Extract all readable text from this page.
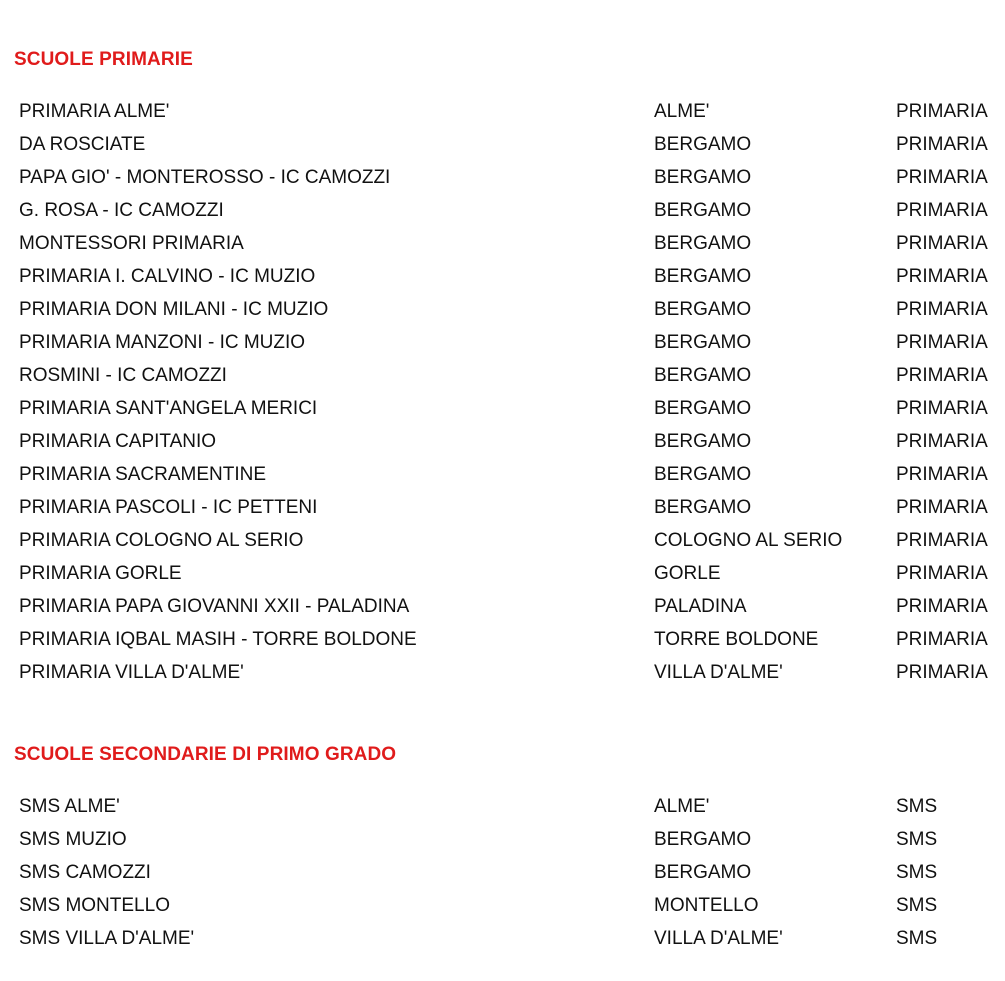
SCUOLE PRIMARIE
PRIMARIA ALME'	ALME'	PRIMARIA
DA ROSCIATE	BERGAMO	PRIMARIA
PAPA GIO' - MONTEROSSO - IC CAMOZZI	BERGAMO	PRIMARIA
G. ROSA - IC CAMOZZI	BERGAMO	PRIMARIA
MONTESSORI PRIMARIA	BERGAMO	PRIMARIA
PRIMARIA I. CALVINO - IC MUZIO	BERGAMO	PRIMARIA
PRIMARIA DON MILANI - IC MUZIO	BERGAMO	PRIMARIA
PRIMARIA MANZONI - IC MUZIO	BERGAMO	PRIMARIA
ROSMINI - IC CAMOZZI	BERGAMO	PRIMARIA
PRIMARIA SANT'ANGELA MERICI	BERGAMO	PRIMARIA
PRIMARIA CAPITANIO	BERGAMO	PRIMARIA
PRIMARIA SACRAMENTINE	BERGAMO	PRIMARIA
PRIMARIA PASCOLI - IC PETTENI	BERGAMO	PRIMARIA
PRIMARIA COLOGNO AL SERIO	COLOGNO AL SERIO	PRIMARIA
PRIMARIA GORLE	GORLE	PRIMARIA
PRIMARIA PAPA GIOVANNI XXII - PALADINA	PALADINA	PRIMARIA
PRIMARIA IQBAL MASIH - TORRE BOLDONE	TORRE BOLDONE	PRIMARIA
PRIMARIA VILLA D'ALME'	VILLA D'ALME'	PRIMARIA
SCUOLE SECONDARIE DI PRIMO GRADO
SMS ALME'	ALME'	SMS
SMS MUZIO	BERGAMO	SMS
SMS CAMOZZI	BERGAMO	SMS
SMS MONTELLO	MONTELLO	SMS
SMS VILLA D'ALME'	VILLA D'ALME'	SMS
